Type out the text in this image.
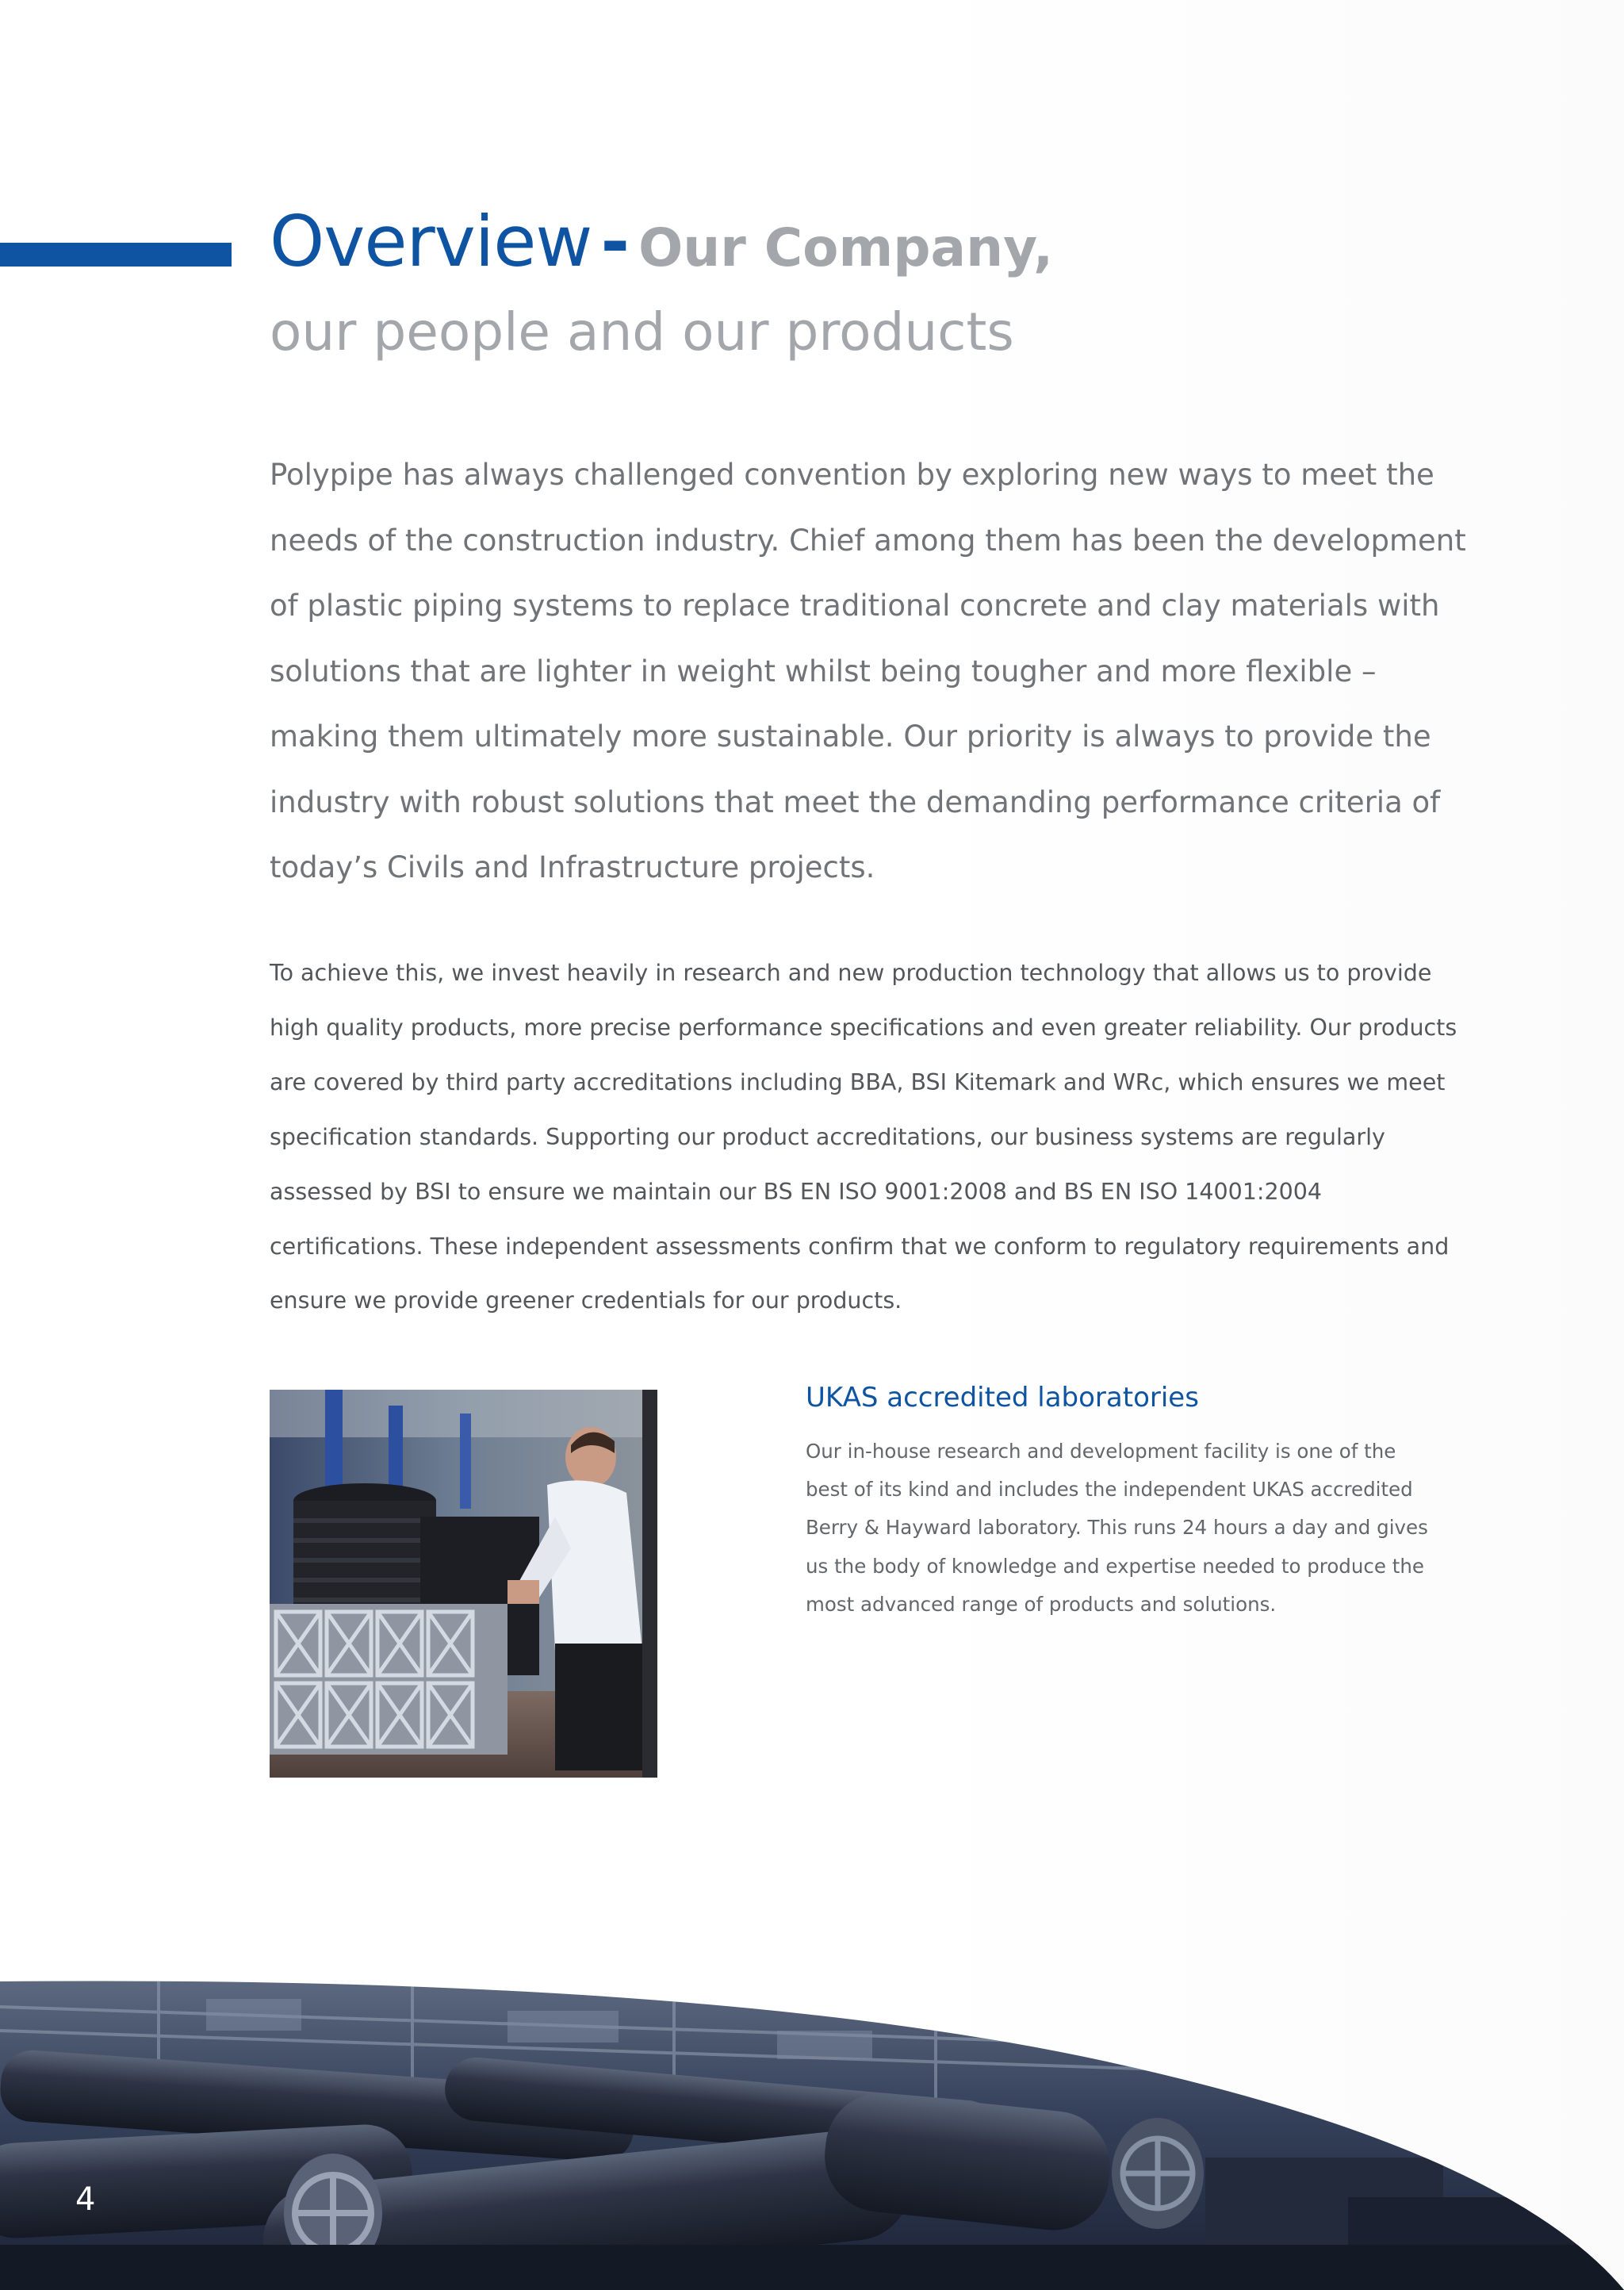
Overview - Our Company,

our people and our products

Polypipe has always challenged convention by exploring new ways to meet the needs of the construction industry. Chief among them has been the development of plastic piping systems to replace traditional concrete and clay materials with solutions that are lighter in weight whilst being tougher and more flexible – making them ultimately more sustainable. Our priority is always to provide the industry with robust solutions that meet the demanding performance criteria of today’s Civils and Infrastructure projects.

To achieve this, we invest heavily in research and new production technology that allows us to provide high quality products, more precise performance specifications and even greater reliability. Our products are covered by third party accreditations including BBA, BSI Kitemark and WRc, which ensures we meet specification standards. Supporting our product accreditations, our business systems are regularly assessed by BSI to ensure we maintain our BS EN ISO 9001:2008 and BS EN ISO 14001:2004 certifications. These independent assessments confirm that we conform to regulatory requirements and ensure we provide greener credentials for our products.

UKAS accredited laboratories

Our in-house research and development facility is one of the best of its kind and includes the independent UKAS accredited Berry & Hayward laboratory. This runs 24 hours a day and gives us the body of knowledge and expertise needed to produce the most advanced range of products and solutions.

4
